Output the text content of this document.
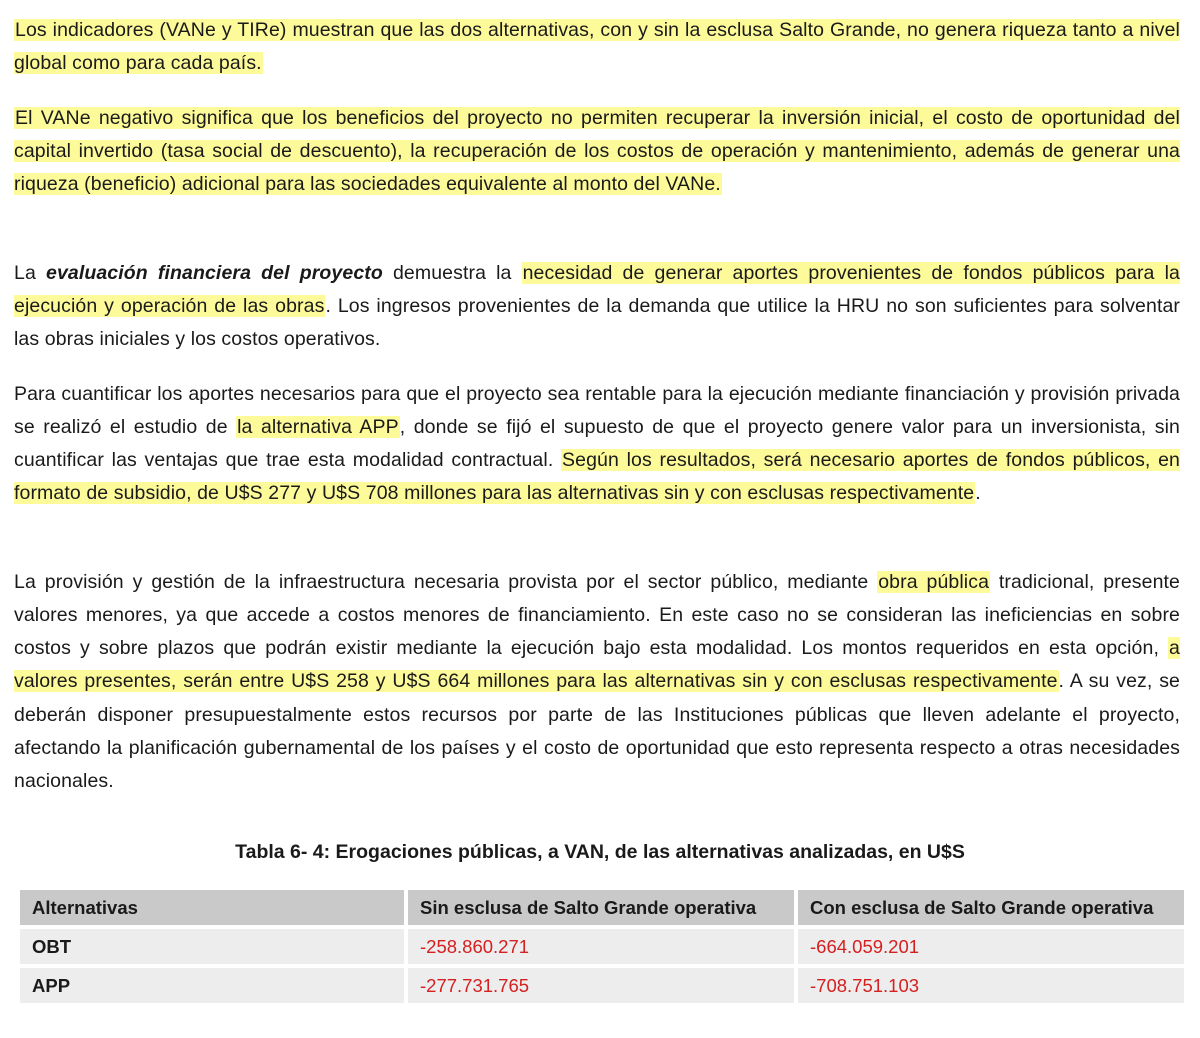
Los indicadores (VANe y TIRe) muestran que las dos alternativas, con y sin la esclusa Salto Grande, no genera riqueza tanto a nivel global como para cada país.

El VANe negativo significa que los beneficios del proyecto no permiten recuperar la inversión inicial, el costo de oportunidad del capital invertido (tasa social de descuento), la recuperación de los costos de operación y mantenimiento, además de generar una riqueza (beneficio) adicional para las sociedades equivalente al monto del VANe.

La evaluación financiera del proyecto demuestra la necesidad de generar aportes provenientes de fondos públicos para la ejecución y operación de las obras. Los ingresos provenientes de la demanda que utilice la HRU no son suficientes para solventar las obras iniciales y los costos operativos.

Para cuantificar los aportes necesarios para que el proyecto sea rentable para la ejecución mediante financiación y provisión privada se realizó el estudio de la alternativa APP, donde se fijó el supuesto de que el proyecto genere valor para un inversionista, sin cuantificar las ventajas que trae esta modalidad contractual. Según los resultados, será necesario aportes de fondos públicos, en formato de subsidio, de U$S 277 y U$S 708 millones para las alternativas sin y con esclusas respectivamente.

La provisión y gestión de la infraestructura necesaria provista por el sector público, mediante obra pública tradicional, presente valores menores, ya que accede a costos menores de financiamiento. En este caso no se consideran las ineficiencias en sobre costos y sobre plazos que podrán existir mediante la ejecución bajo esta modalidad. Los montos requeridos en esta opción, a valores presentes, serán entre U$S 258 y U$S 664 millones para las alternativas sin y con esclusas respectivamente. A su vez, se deberán disponer presupuestalmente estos recursos por parte de las Instituciones públicas que lleven adelante el proyecto, afectando la planificación gubernamental de los países y el costo de oportunidad que esto representa respecto a otras necesidades nacionales.

Tabla 6- 4: Erogaciones públicas, a VAN, de las alternativas analizadas, en U$S
Alternativas	Sin esclusa de Salto Grande operativa	Con esclusa de Salto Grande operativa
OBT	-258.860.271	-664.059.201
APP	-277.731.765	-708.751.103
